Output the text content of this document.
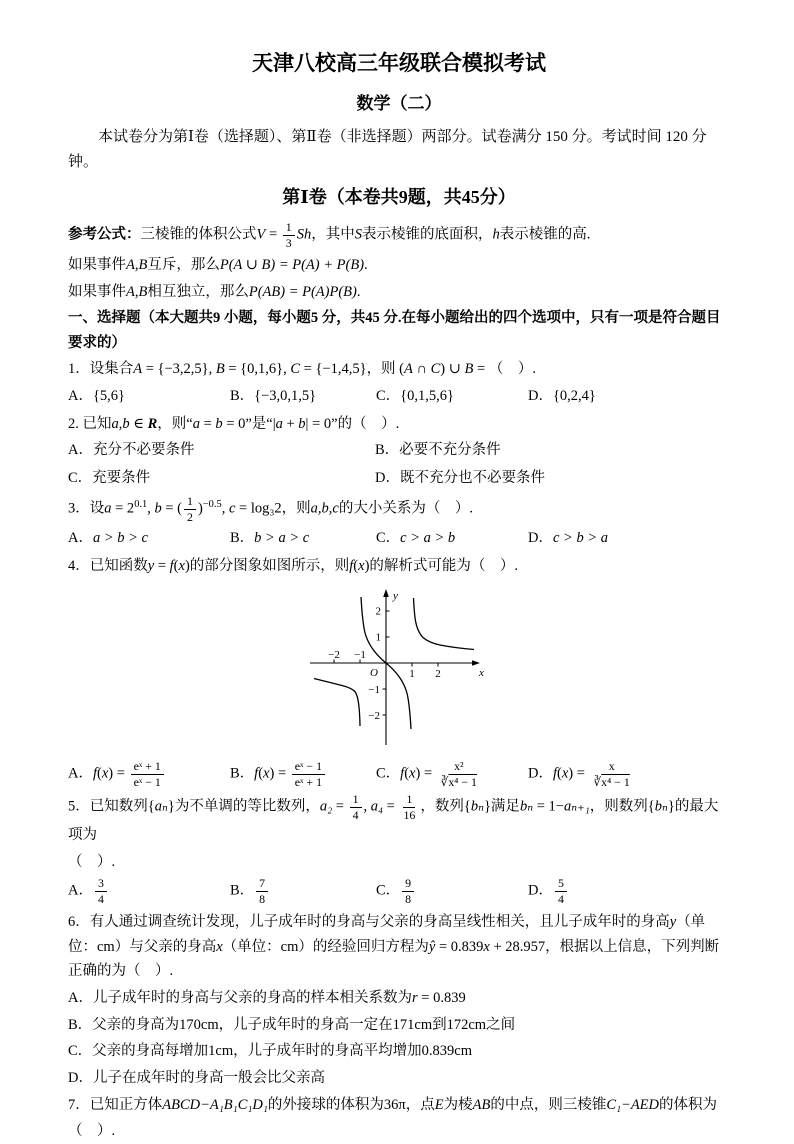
天津八校高三年级联合模拟考试
数学（二）

本试卷分为第Ⅰ卷（选择题）、第Ⅱ卷（非选择题）两部分。试卷满分 150 分。考试时间 120 分钟。

第Ⅰ卷（本卷共9题，共45分）

参考公式：三棱锥的体积公式$V = \frac{1}{3}$ Sh，其中S表示棱锥的底面积，h表示棱锥的高.

如果事件A,B互斥，那么P(A ∪ B) = P(A) + P(B).

如果事件A,B相互独立，那么P(AB) = P(A)P(B).

一、选择题（本大题共9 小题，每小题5 分，共45 分.在每小题给出的四个选项中，只有一项是符合题目要求的）

1．设集合A = {−3,2,5}, B = {0,1,6}, C = {−1,4,5}，则 (A ∩ C) ∪ B = （　）.

A．{5,6}	B．{−3,0,1,5}	C．{0,1,5,6}	D．{0,2,4}

2. 已知a,b ∈ R，则“a = b = 0”是“|a + b| = 0”的（　）.

A．充分不必要条件	B．必要不充分条件
C．充要条件	D．既不充分也不必要条件

3．设$a = 2^{0.1}$, b = ( $\frac{1}{2} )^{-0.5}$, c = log₃2，则a,b,c的大小关系为（　）.

A．a > b > c	B．b > a > c	C．c > a > b	D．c > b > a

4．已知函数y = f(x)的部分图象如图所示，则f(x)的解析式可能为（　）.

−2 −1
1 2
2
1
−1
−2
O
y
x
A．$f(x) = \frac{\text{eˣ + 1}}{\text{eˣ − 1}}$	B．$f(x) = \frac{\text{eˣ − 1}}{\text{eˣ + 1}}$	C．$f(x) = \frac{\text{x²}}{\text{∛x⁴ − 1}}$	D．$f(x) = \frac{x}{\text{∛x⁴ − 1}}$

5．已知数列{aₙ}为不单调的等比数列，$a_2 = \frac{1}{4}$ , $a_4 = \frac{1}{16}$ ，数列{bₙ}满足bₙ = 1−aₙ₊₁，则数列{bₙ}的最大项为

（　）.

A． $\frac{3}{4}$	B． $\frac{7}{8}$	C． $\frac{9}{8}$	D． $\frac{5}{4}$

6．有人通过调查统计发现，儿子成年时的身高与父亲的身高呈线性相关，且儿子成年时的身高y（单位：cm）与父亲的身高x（单位：cm）的经验回归方程为ŷ = 0.839x + 28.957，根据以上信息，下列判断正确的为（　）.

A．儿子成年时的身高与父亲的身高的样本相关系数为r = 0.839

B．父亲的身高为170cm，儿子成年时的身高一定在171cm到172cm之间

C．父亲的身高每增加1cm，儿子成年时的身高平均增加0.839cm

D．儿子在成年时的身高一般会比父亲高

7．已知正方体ABCD−A₁B₁C₁D₁的外接球的体积为36π，点E为棱AB的中点，则三棱锥C₁−AED的体积为

（　）.
